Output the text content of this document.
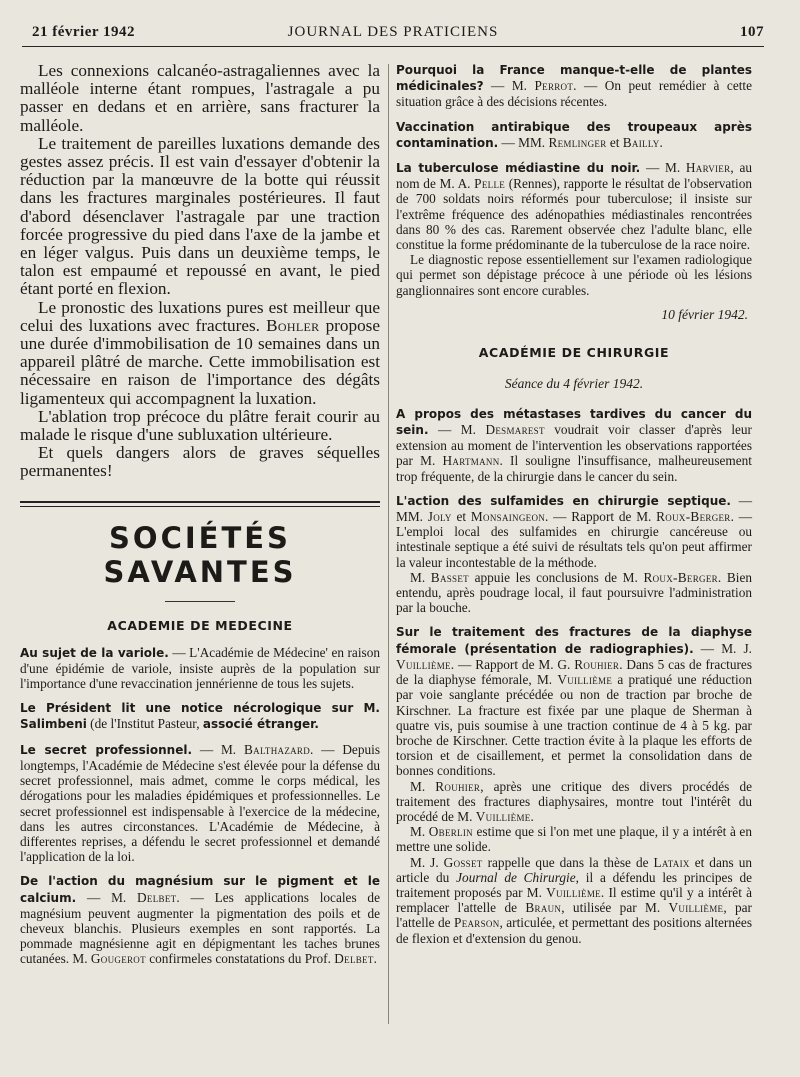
21 février 1942	JOURNAL DES PRATICIENS	107

Les connexions calcanéo-astragaliennes avec la malléole interne étant rompues, l'astragale a pu passer en dedans et en arrière, sans fracturer la malléole.

Le traitement de pareilles luxations demande des gestes assez précis. Il est vain d'essayer d'obtenir la réduction par la manœuvre de la botte qui réussit dans les fractures marginales postérieures. Il faut d'abord désenclaver l'astragale par une traction forcée progressive du pied dans l'axe de la jambe et en léger valgus. Puis dans un deuxième temps, le talon est empaumé et repoussé en avant, le pied étant porté en flexion.

Le pronostic des luxations pures est meilleur que celui des luxations avec fractures. Bohler propose une durée d'immobilisation de 10 semaines dans un appareil plâtré de marche. Cette immobilisation est nécessaire en raison de l'importance des dégâts ligamenteux qui accompagnent la luxation.

L'ablation trop précoce du plâtre ferait courir au malade le risque d'une subluxation ultérieure.

Et quels dangers alors de graves séquelles permanentes!

SOCIÉTÉS SAVANTES
ACADEMIE DE MEDECINE

Au sujet de la variole. — L'Académie de Médecine' en raison d'une épidémie de variole, insiste auprès de la population sur l'importance d'une revaccination jennérienne de tous les sujets.

Le Président lit une notice nécrologique sur M. Salimbeni (de l'Institut Pasteur, associé étranger.

Le secret professionnel. — M. Balthazard. — Depuis longtemps, l'Académie de Médecine s'est élevée pour la défense du secret professionnel, mais admet, comme le corps médical, les dérogations pour les maladies épidémiques et professionnelles. Le secret professionnel est indispensable à l'exercice de la médecine, dans les autres circonstances. L'Académie de Médecine, à differentes reprises, a défendu le secret professionnel et demandé l'application de la loi.

De l'action du magnésium sur le pigment et le calcium. — M. Delbet. — Les applications locales de magnésium peuvent augmenter la pigmentation des poils et de cheveux blanchis. Plusieurs exemples en sont rapportés. La pommade magnésienne agit en dépigmentant les taches brunes cutanées. M. Gougerot confirmeles constatations du Prof. Delbet.

Pourquoi la France manque-t-elle de plantes médicinales? — M. Perrot. — On peut remédier à cette situation grâce à des décisions récentes.

Vaccination antirabique des troupeaux après contamination. — MM. Remlinger et Bailly.

La tuberculose médiastine du noir. — M. Harvier, au nom de M. A. Pelle (Rennes), rapporte le résultat de l'observation de 700 soldats noirs réformés pour tuberculose; il insiste sur l'extrême fréquence des adénopathies médiastinales rencontrées dans 80 % des cas. Rarement observée chez l'adulte blanc, elle constitue la forme prédominante de la tuberculose de la race noire.

Le diagnostic repose essentiellement sur l'examen radiologique qui permet son dépistage précoce à une période où les lésions ganglionnaires sont encore curables.

10 février 1942.
ACADÉMIE DE CHIRURGIE
Séance du 4 février 1942.

A propos des métastases tardives du cancer du sein. — M. Desmarest voudrait voir classer d'après leur extension au moment de l'intervention les observations rapportées par M. Hartmann. Il souligne l'insuffisance, malheureusement trop fréquente, de la chirurgie dans le cancer du sein.

L'action des sulfamides en chirurgie septique. — MM. Joly et Monsaingeon. — Rapport de M. Roux-Berger. — L'emploi local des sulfamides en chirurgie cancéreuse ou intestinale septique a été suivi de résultats tels qu'on peut affirmer la valeur incontestable de la méthode.

M. Basset appuie les conclusions de M. Roux-Berger. Bien entendu, après poudrage local, il faut poursuivre l'administration par la bouche.

Sur le traitement des fractures de la diaphyse fémorale (présentation de radiographies). — M. J. Vuillième. — Rapport de M. G. Rouhier. Dans 5 cas de fractures de la diaphyse fémorale, M. Vuillième a pratiqué une réduction par voie sanglante précédée ou non de traction par broche de Kirschner. La fracture est fixée par une plaque de Sherman à quatre vis, puis soumise à une traction continue de 4 à 5 kg. par broche de Kirschner. Cette traction évite à la plaque les efforts de torsion et de cisaillement, et permet la consolidation dans de bonnes conditions.

M. Rouhier, après une critique des divers procédés de traitement des fractures diaphysaires, montre tout l'intérêt du procédé de M. Vuillième.

M. Oberlin estime que si l'on met une plaque, il y a intérêt à en mettre une solide.

M. J. Gosset rappelle que dans la thèse de Lataix et dans un article du Journal de Chirurgie, il a défendu les principes de traitement proposés par M. Vuillième. Il estime qu'il y a intérêt à remplacer l'attelle de Braun, utilisée par M. Vuillième, par l'attelle de Pearson, articulée, et permettant des positions alternées de flexion et d'extension du genou.
